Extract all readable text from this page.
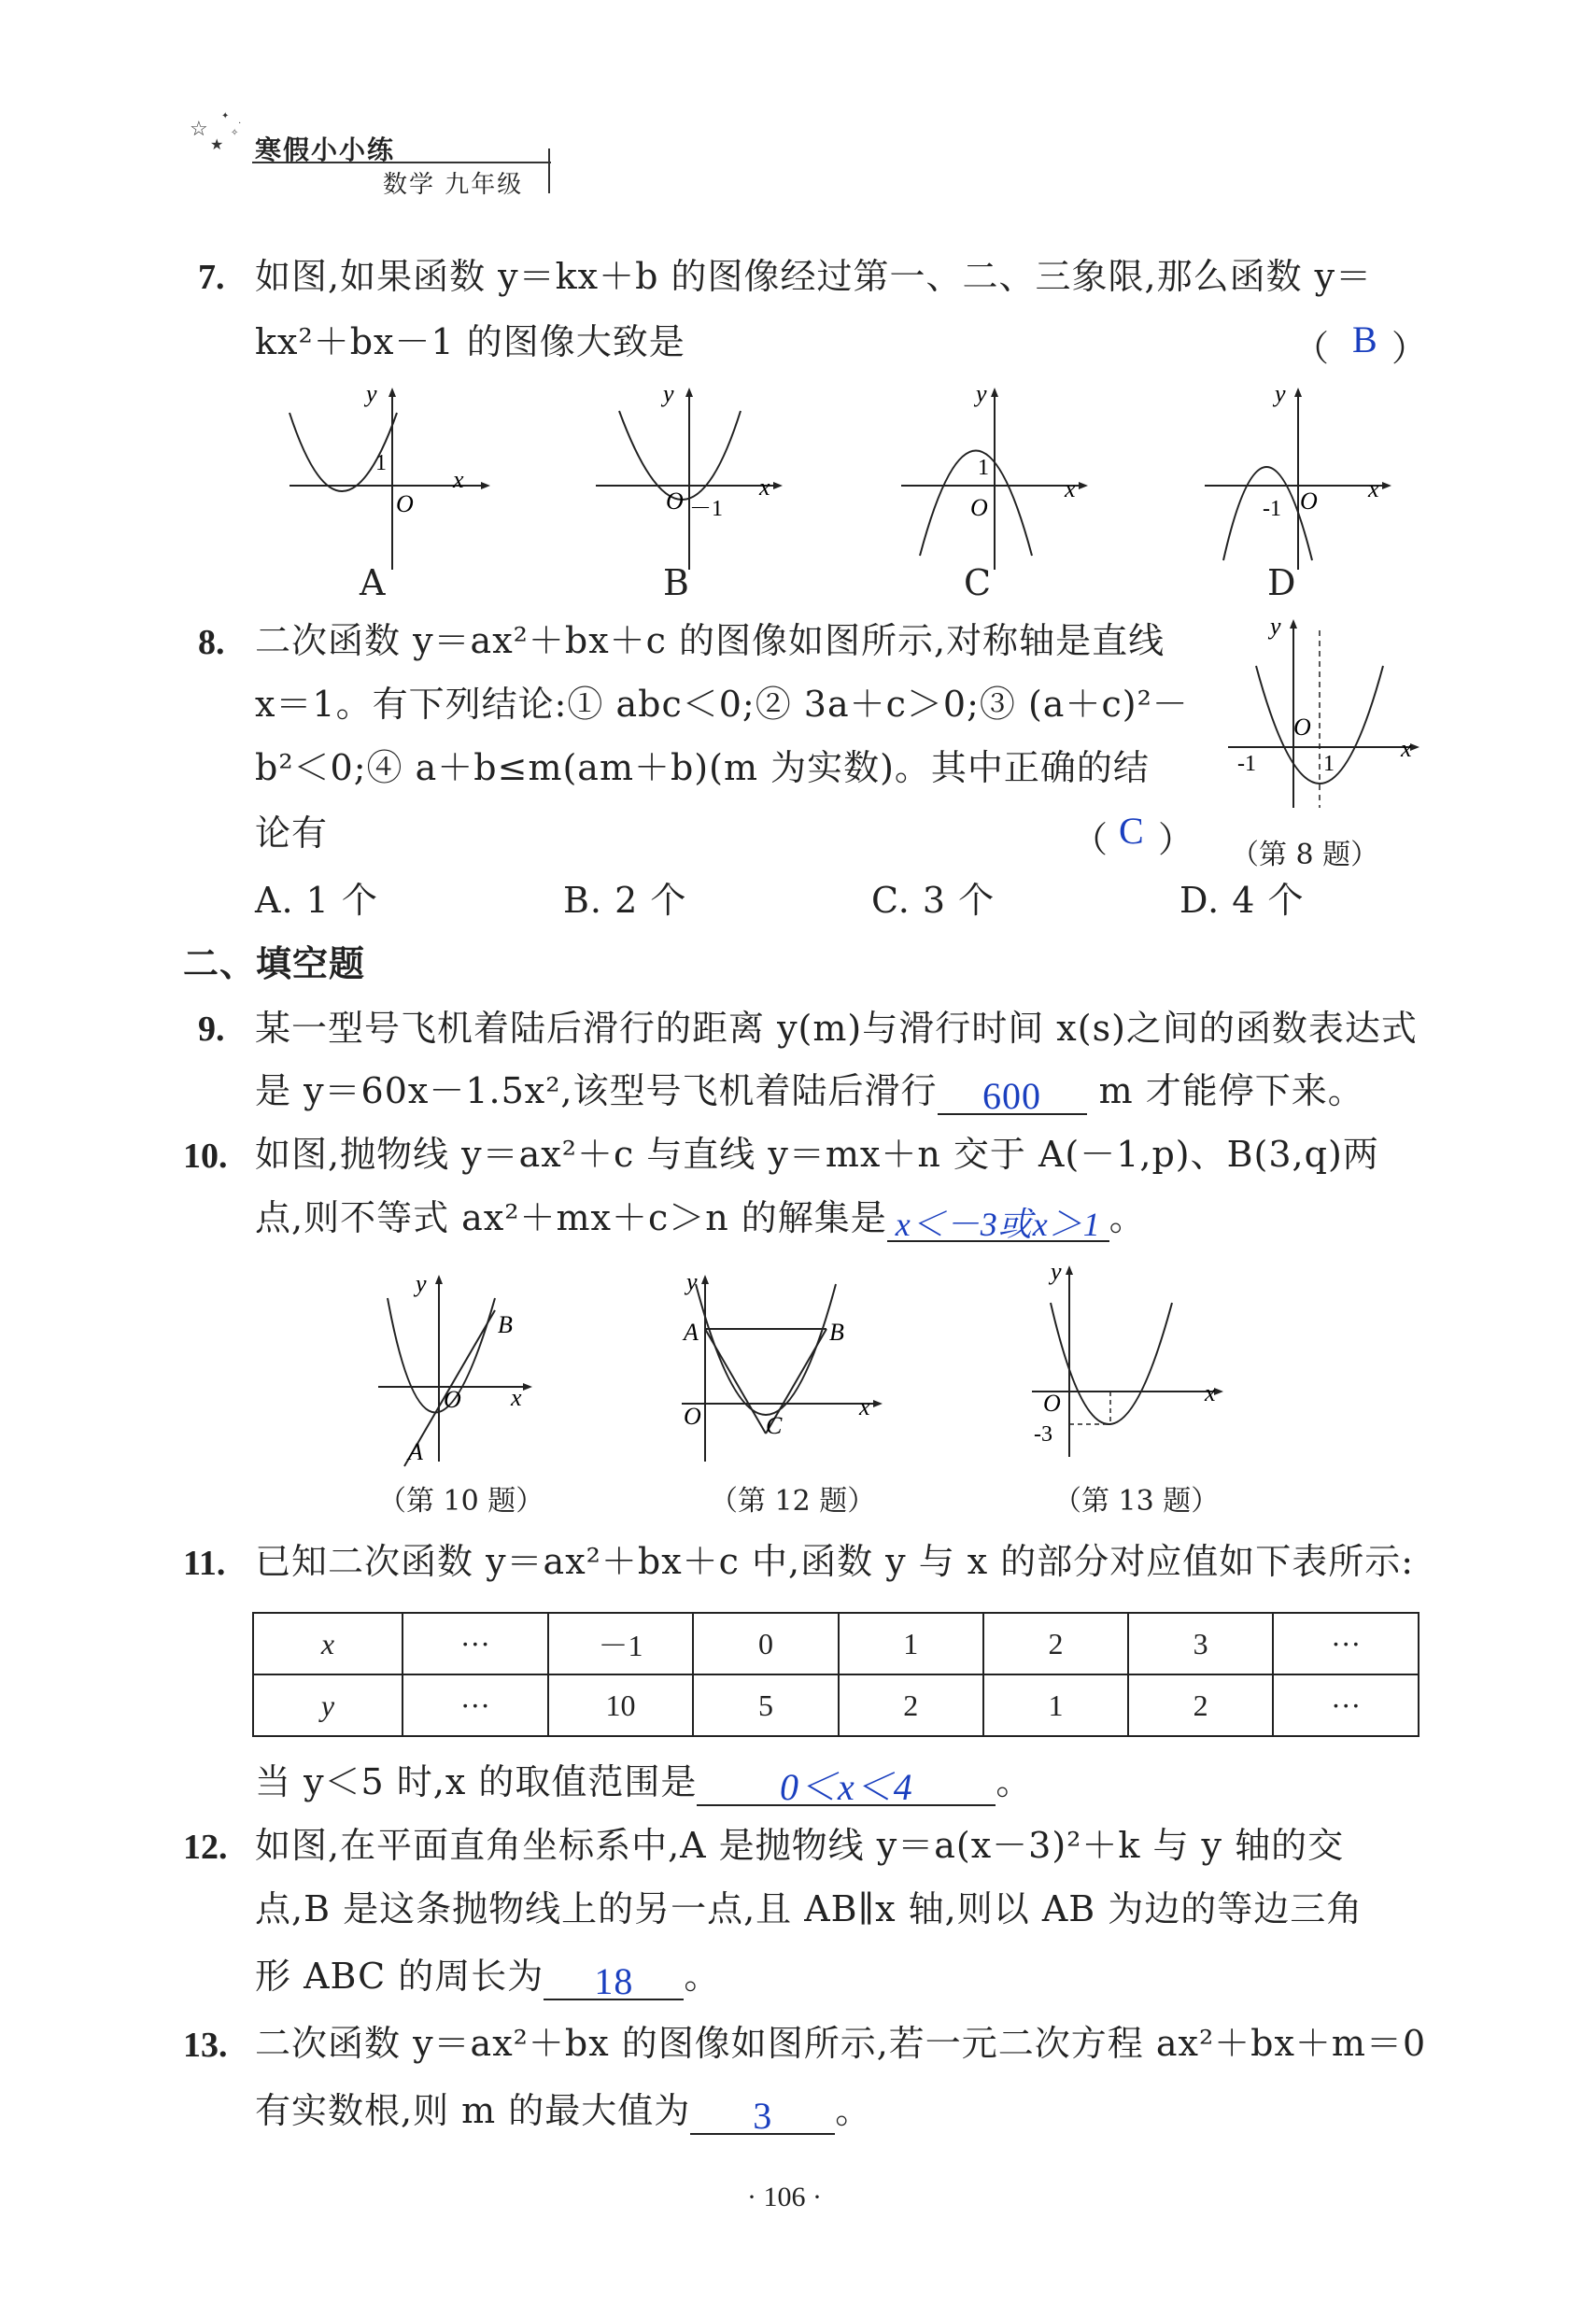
☆
★
✦
·
✧
寒假小小练
数学 九年级
7. 如图,如果函数 y＝kx＋b 的图像经过第一、二、三象限,那么函数 y＝
kx²＋bx－1 的图像大致是	（ B ）
y
x
O
1
y
x
O －1
y
x
O
1
y
x
O
-1
A	B	C	D
8. 二次函数 y＝ax²＋bx＋c 的图像如图所示,对称轴是直线
x＝1。有下列结论:① abc＜0;② 3a＋c＞0;③ (a＋c)²－
b²＜0;④ a＋b≤m(am＋b)(m 为实数)。其中正确的结
论有	（ C ）
y
x
O
-1	1
（第 8 题）
A. 1 个	B. 2 个	C. 3 个	D. 4 个
二、填空题
9. 某一型号飞机着陆后滑行的距离 y(m)与滑行时间 x(s)之间的函数表达式
是 y＝60x－1.5x²,该型号飞机着陆后滑行 600 m 才能停下来。
10. 如图,抛物线 y＝ax²＋c 与直线 y＝mx＋n 交于 A(－1,p)、B(3,q)两
点,则不等式 ax²＋mx＋c＞n 的解集是 x＜－3或x＞1 。
y
x
O
B
A
（第 10 题）
y
x
O
A	B
C
（第 12 题）
y
x
O
-3
（第 13 题）
11. 已知二次函数 y＝ax²＋bx＋c 中,函数 y 与 x 的部分对应值如下表所示:
x	···	－1	0	1	2	3	···
y	···	10	5	2	1	2	···
当 y＜5 时,x 的取值范围是 0＜x＜4 。
12. 如图,在平面直角坐标系中,A 是抛物线 y＝a(x－3)²＋k 与 y 轴的交
点,B 是这条抛物线上的另一点,且 AB∥x 轴,则以 AB 为边的等边三角
形 ABC 的周长为 18 。
13. 二次函数 y＝ax²＋bx 的图像如图所示,若一元二次方程 ax²＋bx＋m＝0
有实数根,则 m 的最大值为 3 。
· 106 ·
